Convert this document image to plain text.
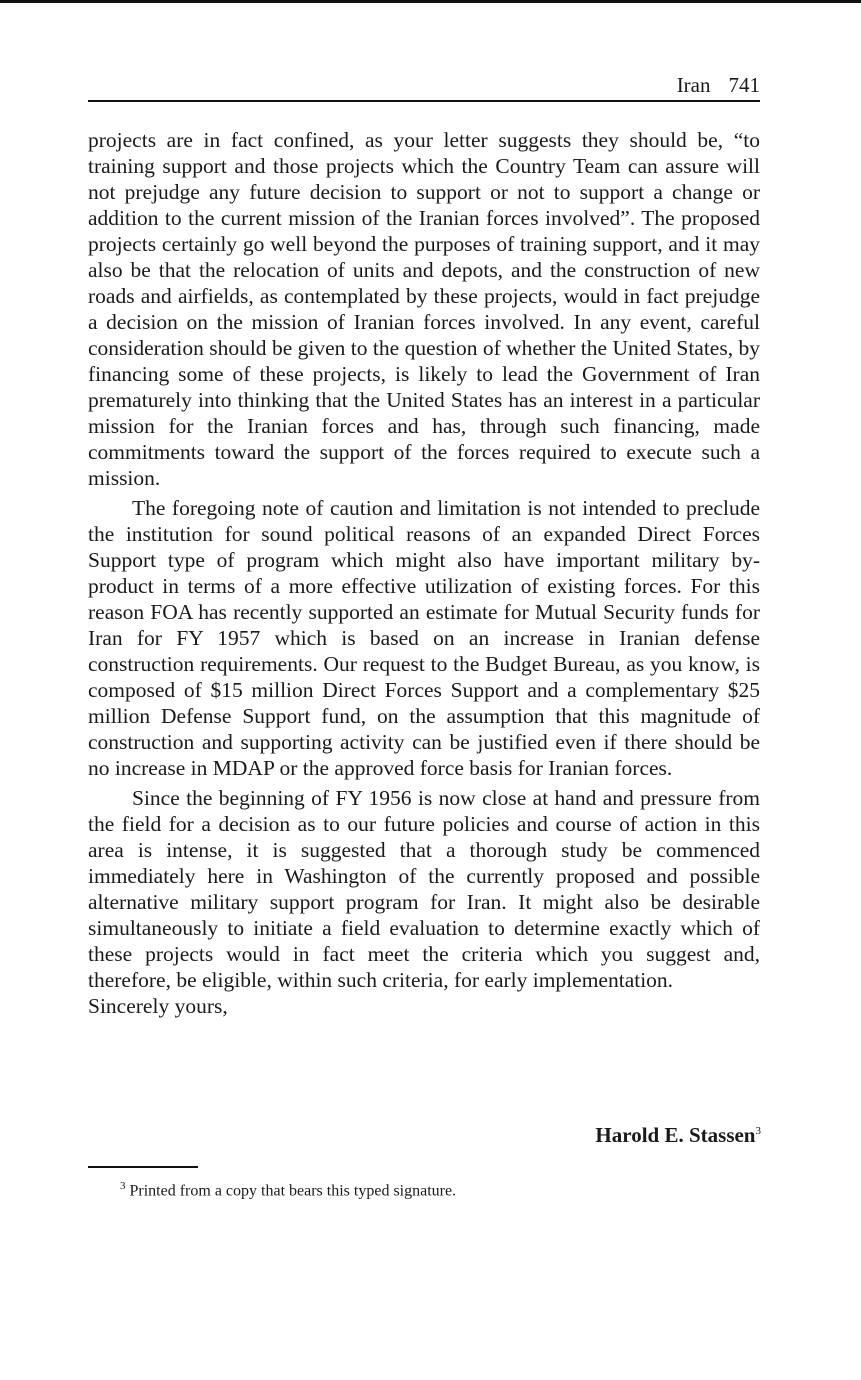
Iran 741

projects are in fact confined, as your letter suggests they should be, “to training support and those projects which the Country Team can assure will not prejudge any future decision to support or not to support a change or addition to the current mission of the Iranian forces involved”. The proposed projects certainly go well beyond the purposes of training support, and it may also be that the relocation of units and depots, and the construction of new roads and airfields, as contemplated by these projects, would in fact prejudge a decision on the mission of Iranian forces involved. In any event, careful consideration should be given to the question of whether the United States, by financing some of these projects, is likely to lead the Government of Iran prematurely into thinking that the United States has an interest in a particular mission for the Iranian forces and has, through such financing, made commitments toward the support of the forces required to execute such a mission.

The foregoing note of caution and limitation is not intended to preclude the institution for sound political reasons of an expanded Direct Forces Support type of program which might also have important military by-product in terms of a more effective utilization of existing forces. For this reason FOA has recently supported an estimate for Mutual Security funds for Iran for FY 1957 which is based on an increase in Iranian defense construction requirements. Our request to the Budget Bureau, as you know, is composed of $15 million Direct Forces Support and a complementary $25 million Defense Support fund, on the assumption that this magnitude of construction and supporting activity can be justified even if there should be no increase in MDAP or the approved force basis for Iranian forces.

Since the beginning of FY 1956 is now close at hand and pressure from the field for a decision as to our future policies and course of action in this area is intense, it is suggested that a thorough study be commenced immediately here in Washington of the currently proposed and possible alternative military support program for Iran. It might also be desirable simultaneously to initiate a field evaluation to determine exactly which of these projects would in fact meet the criteria which you suggest and, therefore, be eligible, within such criteria, for early implementation.

Sincerely yours,

Harold E. Stassen$^3$
$^3$ Printed from a copy that bears this typed signature.
